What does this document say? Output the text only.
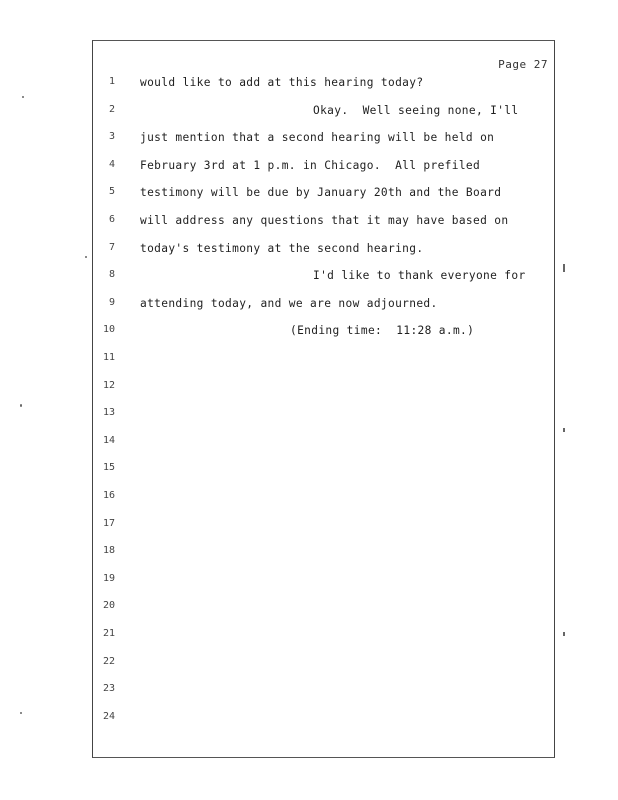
Page 27
1 would like to add at this hearing today?
2	Okay.  Well seeing none, I'll
3 just mention that a second hearing will be held on
4 February 3rd at 1 p.m. in Chicago.  All prefiled
5 testimony will be due by January 20th and the Board
6 will address any questions that it may have based on
7 today's testimony at the second hearing.
8	I'd like to thank everyone for
9 attending today, and we are now adjourned.
10	(Ending time:  11:28 a.m.)
11
12
13
14
15
16
17
18
19
20
21
22
23
24
